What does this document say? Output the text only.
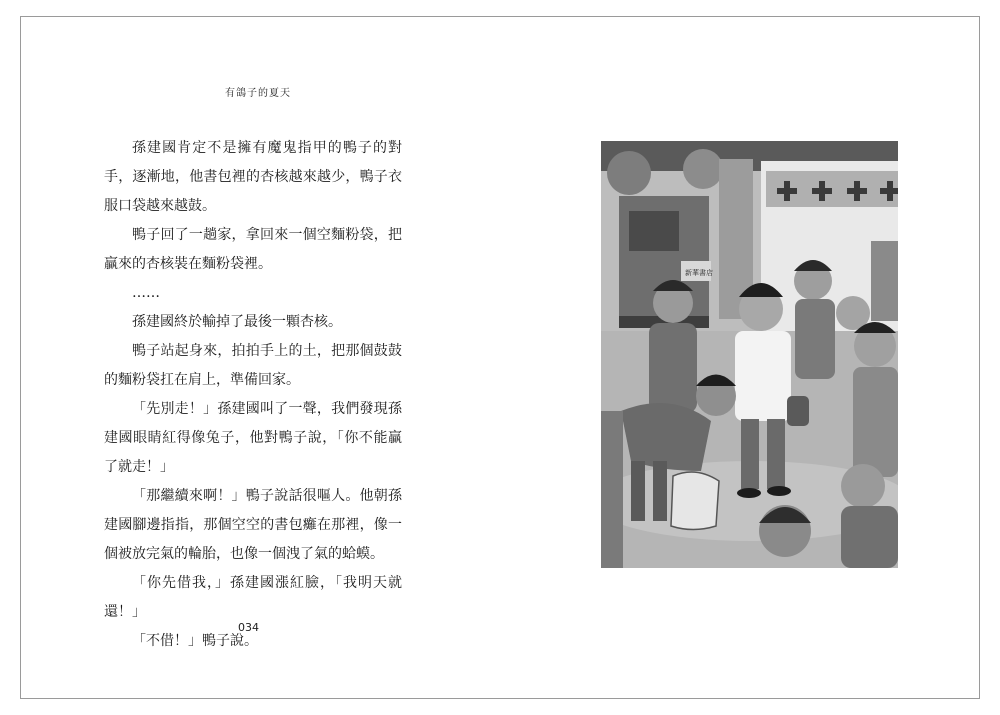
有鴿子的夏天

孫建國肯定不是擁有魔鬼指甲的鴨子的對手，逐漸地，他書包裡的杏核越來越少，鴨子衣服口袋越來越鼓。

鴨子回了一趟家，拿回來一個空麵粉袋，把贏來的杏核裝在麵粉袋裡。

……

孫建國終於輸掉了最後一顆杏核。

鴨子站起身來，拍拍手上的土，把那個鼓鼓的麵粉袋扛在肩上，準備回家。

「先別走！」孫建國叫了一聲，我們發現孫建國眼睛紅得像兔子，他對鴨子說，「你不能贏了就走！」

「那繼續來啊！」鴨子說話很嘔人。他朝孫建國腳邊指指，那個空空的書包癱在那裡，像一個被放完氣的輪胎，也像一個洩了氣的蛤蟆。

「你先借我，」孫建國漲紅臉，「我明天就還！」

「不借！」鴨子說。

034
新華書店
